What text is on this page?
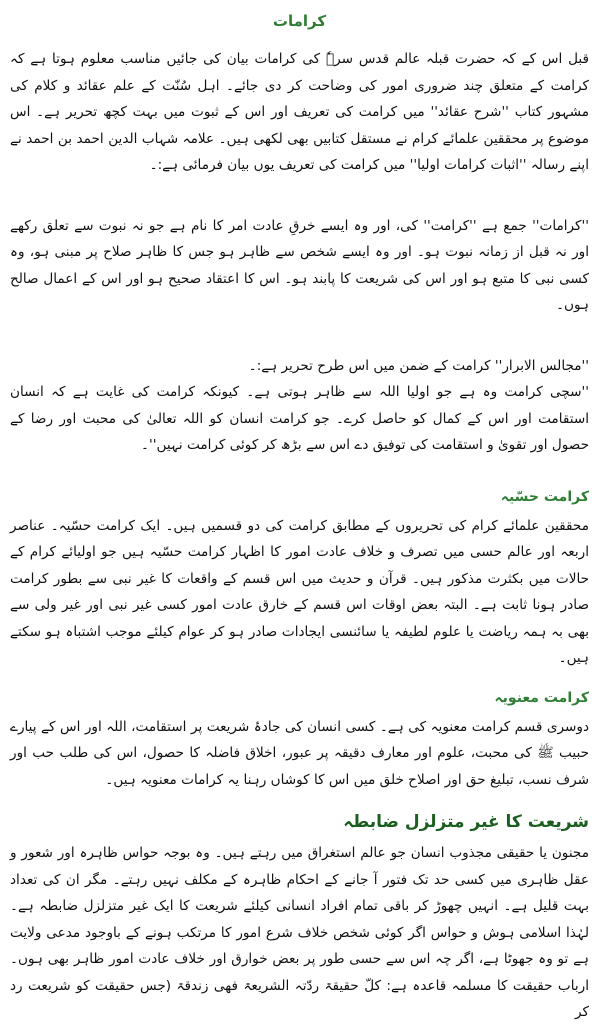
کرامات

قبل اس کے کہ حضرت قبلہ عالم قدس سرہٗ کی کرامات بیان کی جائیں مناسب معلوم ہوتا ہے کہ کرامت کے متعلق چند ضروری امور کی وضاحت کر دی جائے۔ اہل سُنّت کے علم عقائد و کلام کی مشہور کتاب ''شرح عقائد'' میں کرامت کی تعریف اور اس کے ثبوت میں بہت کچھ تحریر ہے۔ اس موضوع پر محققین علمائے کرام نے مستقل کتابیں بھی لکھی ہیں۔ علامہ شہاب الدین احمد بن احمد نے اپنے رسالہ ''اثبات کرامات اولیا'' میں کرامت کی تعریف یوں بیان فرمائی ہے:۔

''کرامات'' جمع ہے ''کرامت'' کی، اور وہ ایسے خرقِ عادت امر کا نام ہے جو نہ نبوت سے تعلق رکھے اور نہ قبل از زمانہ نبوت ہو۔ اور وہ ایسے شخص سے ظاہر ہو جس کا ظاہر صلاح پر مبنی ہو، وہ کسی نبی کا متبع ہو اور اس کی شریعت کا پابند ہو۔ اس کا اعتقاد صحیح ہو اور اس کے اعمال صالح ہوں۔

''مجالس الابرار'' کرامت کے ضمن میں اس طرح تحریر ہے:۔

''سچی کرامت وہ ہے جو اولیا اللہ سے ظاہر ہوتی ہے۔ کیونکہ کرامت کی غایت ہے کہ انسان استقامت اور اس کے کمال کو حاصل کرے۔ جو کرامت انسان کو اللہ تعالیٰ کی محبت اور رضا کے حصول اور تقویٰ و استقامت کی توفیق دے اس سے بڑھ کر کوئی کرامت نہیں''۔

کرامت حسّیہ

محققین علمائے کرام کی تحریروں کے مطابق کرامت کی دو قسمیں ہیں۔ ایک کرامت حسّیہ۔ عناصر اربعہ اور عالم حسی میں تصرف و خلاف عادت امور کا اظہار کرامت حسّیہ ہیں جو اولیائے کرام کے حالات میں بکثرت مذکور ہیں۔ قرآن و حدیث میں اس قسم کے واقعات کا غیر نبی سے بطور کرامت صادر ہونا ثابت ہے۔ البتہ بعض اوقات اس قسم کے خارق عادت امور کسی غیر نبی اور غیر ولی سے بھی بہ ہمہ ریاضت یا علوم لطیفہ یا سائنسی ایجادات صادر ہو کر عوام کیلئے موجب اشتباہ ہو سکتے ہیں۔

کرامت معنویہ

دوسری قسم کرامت معنویہ کی ہے۔ کسی انسان کی جادۂ شریعت پر استقامت، اللہ اور اس کے پیارے حبیب ﷺ کی محبت، علوم اور معارف دقیقہ پر عبور، اخلاق فاضلہ کا حصول، اس کی طلب حب اور شرف نسب، تبلیغ حق اور اصلاح خلق میں اس کا کوشاں رہنا یہ کرامات معنویہ ہیں۔

شریعت کا غیر متزلزل ضابطہ

مجنون یا حقیقی مجذوب انسان جو عالم استغراق میں رہتے ہیں۔ وہ بوجہ حواس ظاہرہ اور شعور و عقل ظاہری میں کسی حد تک فتور آ جانے کے احکام ظاہرہ کے مکلف نہیں رہتے۔ مگر ان کی تعداد بہت قلیل ہے۔ انہیں چھوڑ کر باقی تمام افراد انسانی کیلئے شریعت کا ایک غیر متزلزل ضابطہ ہے۔ لہٰذا اسلامی ہوش و حواس اگر کوئی شخص خلاف شرع امور کا مرتکب ہونے کے باوجود مدعی ولایت ہے تو وہ جھوٹا ہے، اگر چہ اس سے حسی طور پر بعض خوارق اور خلاف عادت امور ظاہر بھی ہوں۔ ارباب حقیقت کا مسلمہ قاعدہ ہے: کلّ حقیقۃ ردّتہ الشریعۃ فھی زندقۃ (جس حقیقت کو شریعت رد کر
